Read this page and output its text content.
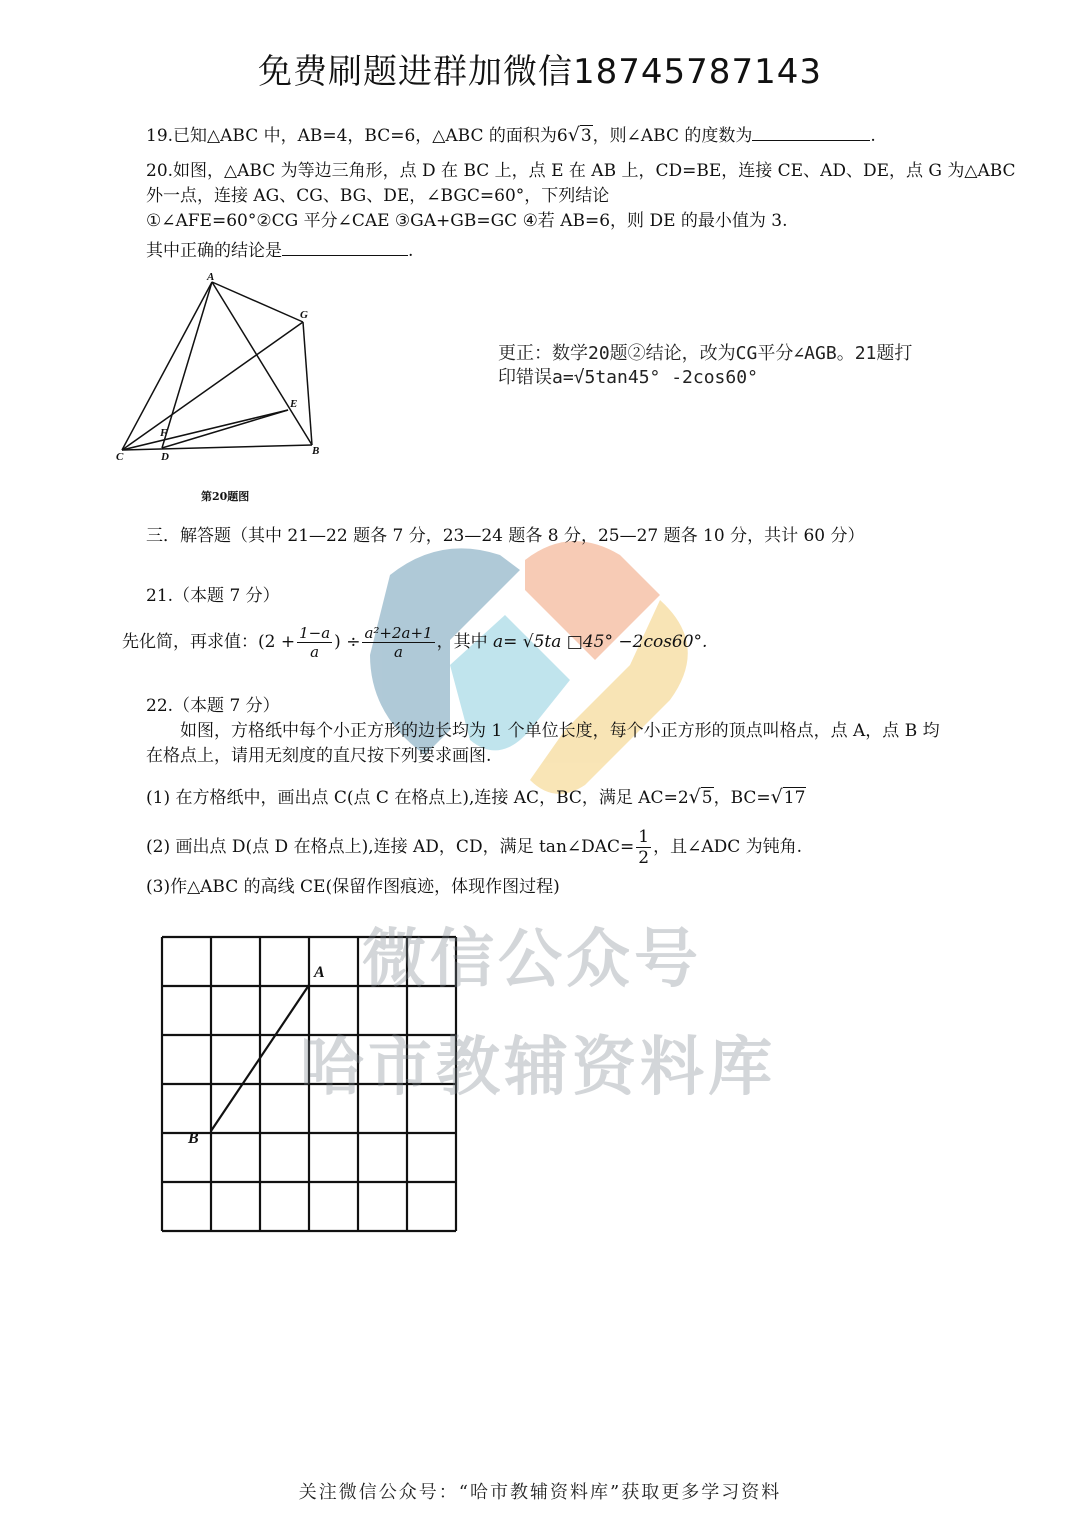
免费刷题进群加微信18745787143
19.已知△ABC 中，AB=4，BC=6，△ABC 的面积为6√3，则∠ABC 的度数为	.
20.如图，△ABC 为等边三角形，点 D 在 BC 上，点 E 在 AB 上，CD=BE，连接 CE、AD、DE，点 G 为△ABC
外一点，连接 AG、CG、BG、DE，∠BGC=60°，下列结论
①∠AFE=60°②CG 平分∠CAE ③GA+GB=GC ④若 AB=6，则 DE 的最小值为 3.
其中正确的结论是	.
A
G
E
F
C	D	B
第20题图
更正：数学20题②结论，改为CG平分∠AGB。21题打
印错误a=√5tan45° -2cos60°
三．解答题（其中 21—22 题各 7 分，23—24 题各 8 分，25—27 题各 10 分，共计 60 分）
21.（本题 7 分）
先化简，再求值：($2 + \frac{1-a}{a}$ ) ÷ $\frac{\text{a²+2a+1}}{a}$ ，其中 a= √5ta □45° −2cos60°.
22.（本题 7 分）
如图，方格纸中每个小正方形的边长均为 1 个单位长度，每个小正方形的顶点叫格点，点 A，点 B 均
在格点上，请用无刻度的直尺按下列要求画图.
(1) 在方格纸中，画出点 C(点 C 在格点上),连接 AC，BC，满足 AC=2√5，BC=√17
(2) 画出点 D(点 D 在格点上),连接 AD，CD，满足 tan∠DAC= $\frac{1}{2}$ ，且∠ADC 为钝角.
(3)作△ABC 的高线 CE(保留作图痕迹，体现作图过程)
A
B
微信公众号
哈市教辅资料库
关注微信公众号：“哈市教辅资料库”获取更多学习资料
